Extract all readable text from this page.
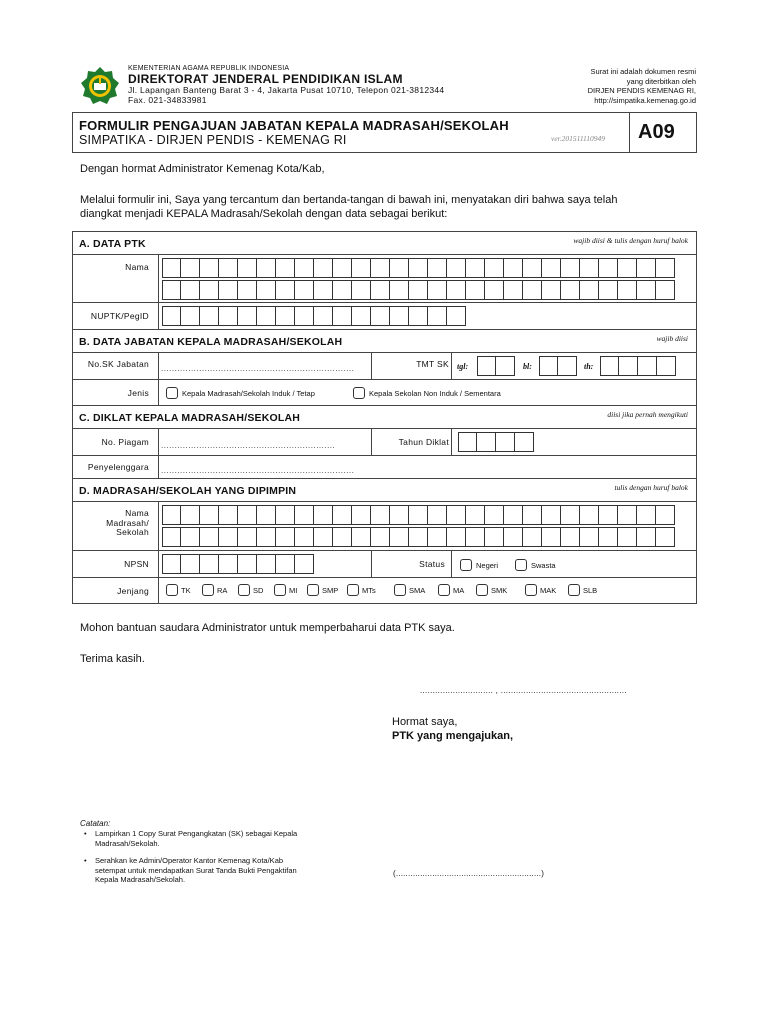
KEMENTERIAN AGAMA REPUBLIK INDONESIA
DIREKTORAT JENDERAL PENDIDIKAN ISLAM
Jl. Lapangan Banteng Barat 3 - 4, Jakarta Pusat 10710, Telepon 021-3812344
Fax. 021-34833981
Surat ini adalah dokumen resmi
yang diterbitkan oleh
DIRJEN PENDIS KEMENAG RI,
http://simpatika.kemenag.go.id
FORMULIR PENGAJUAN JABATAN KEPALA MADRASAH/SEKOLAH
SIMPATIKA - DIRJEN PENDIS - KEMENAG RI	ver.201511110949 A09
Dengan hormat Administrator Kemenag Kota/Kab,
Melalui formulir ini, Saya yang tercantum dan bertanda-tangan di bawah ini, menyatakan diri bahwa saya telah
diangkat menjadi KEPALA Madrasah/Sekolah dengan data sebagai berikut:
A. DATA PTK	wajib diisi & tulis dengan huruf balok
Nama
NUPTK/PegID
B. DATA JABATAN KEPALA MADRASAH/SEKOLAH	wajib diisi
No.SK Jabatan .......................................................................	TMT SK tgl:	bl:	th:
Jenis	Kepala Madrasah/Sekolah Induk / Tetap	Kepala Sekolan Non Induk / Sementara
C. DIKLAT KEPALA MADRASAH/SEKOLAH	diisi jika pernah mengikuti
No. Piagam ................................................................	Tahun Diklat
Penyelenggara .......................................................................
D. MADRASAH/SEKOLAH YANG DIPIMPIN	tulis dengan huruf balok
Nama
Madrasah/
Sekolah
NPSN	Status	Negeri	Swasta
Jenjang	TK	RA	SD	MI	SMP	MTs	SMA	MA	SMK	MAK	SLB
Mohon bantuan saudara Administrator untuk memperbaharui data PTK saya.
Terima kasih.
............................. , ..................................................
Hormat saya,
PTK yang mengajukan,
(............................................................)
Catatan:
• Lampirkan 1 Copy Surat Pengangkatan (SK) sebagai Kepala
Madrasah/Sekolah.
• Serahkan ke Admin/Operator Kantor Kemenag Kota/Kab
setempat untuk mendapatkan Surat Tanda Bukti Pengaktifan
Kepala Madrasah/Sekolah.
